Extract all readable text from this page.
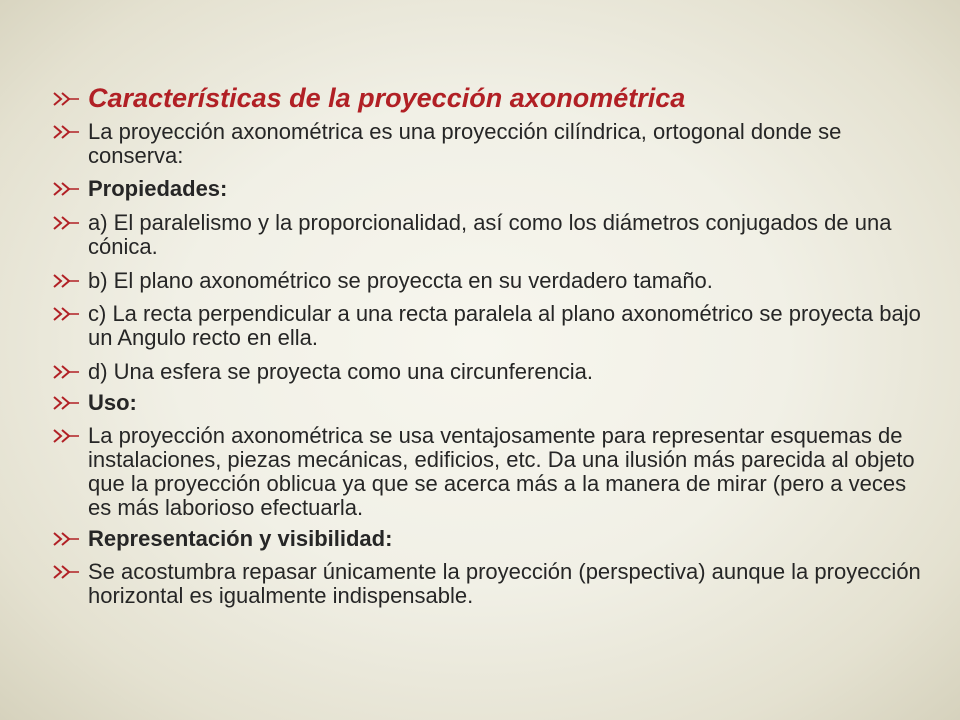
Características de la proyección axonométrica
La proyección axonométrica es una proyección cilíndrica, ortogonal donde se conserva:
Propiedades:
a) El paralelismo y la proporcionalidad, así como los diámetros conjugados de una cónica.
b) El plano axonométrico se proyeccta en su verdadero tamaño.
c) La recta perpendicular a una recta paralela al plano axonométrico se proyecta bajo un Angulo recto en ella.
d) Una esfera se proyecta como una circunferencia.
Uso:
La proyección axonométrica se usa ventajosamente para representar esquemas de instalaciones, piezas mecánicas, edificios, etc. Da una ilusión más parecida al objeto que la proyección oblicua ya que se acerca más a la manera de mirar (pero a veces es más laborioso efectuarla.
Representación y visibilidad:
Se acostumbra repasar únicamente la proyección (perspectiva) aunque la proyección horizontal es igualmente indispensable.
